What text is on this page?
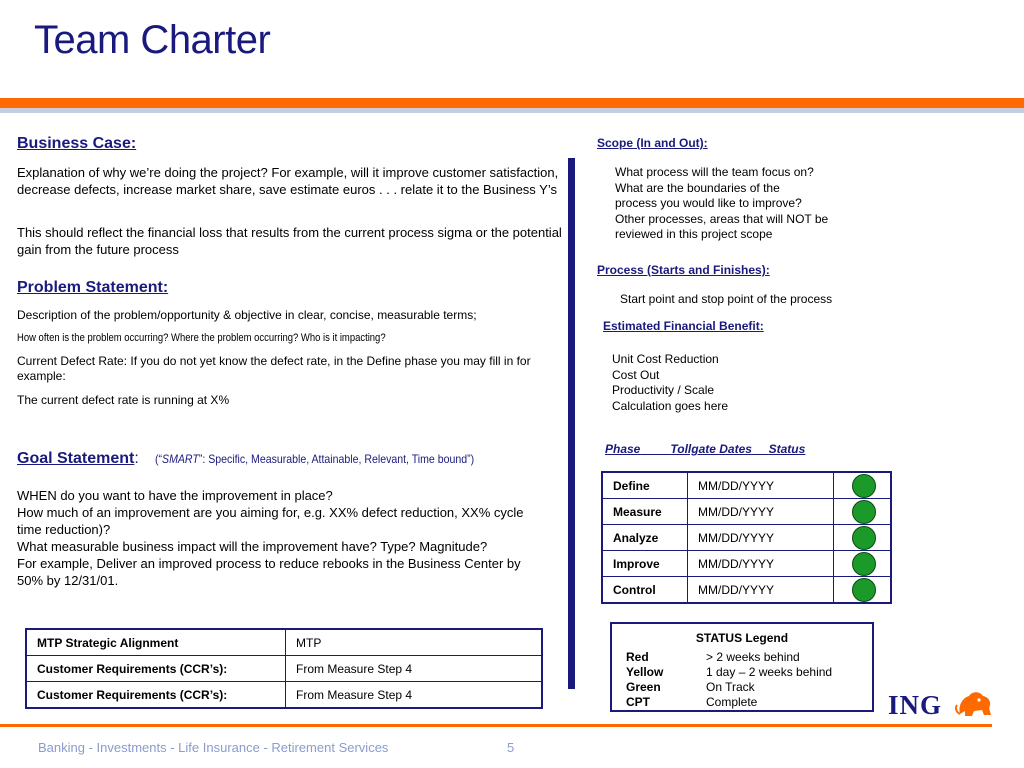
Team Charter
Business Case:
Explanation of why we’re doing the project? For example, will it improve customer satisfaction, decrease defects, increase market share, save estimate euros . . . relate it to the Business Y’s
This should reflect the financial loss that results from the current process sigma or the potential gain from the future process
Problem Statement:
Description of the problem/opportunity & objective in clear, concise, measurable terms;
How often is the problem occurring? Where the problem occurring? Who is it impacting?
Current Defect Rate: If you do not yet know the defect rate, in the Define phase you may fill in for example:
The current defect rate is running at X%
Goal Statement: (“SMART”: Specific, Measurable, Attainable, Relevant, Time bound”)
WHEN do you want to have the improvement in place?
How much of an improvement are you aiming for, e.g. XX% defect reduction, XX% cycle time reduction)?
What measurable business impact will the improvement have? Type? Magnitude?
For example, Deliver an improved process to reduce rebooks in the Business Center by 50% by 12/31/01.
MTP Strategic Alignment	MTP
Customer Requirements (CCR’s):	From Measure Step 4
Customer Requirements (CCR’s):	From Measure Step 4
Scope (In and Out):
What process will the team focus on?
What are the boundaries of the
process you would like to improve?
Other processes, areas that will NOT be
reviewed in this project scope
Process (Starts and Finishes):
Start point and stop point of the process
Estimated Financial Benefit:
Unit Cost Reduction
Cost Out
Productivity / Scale
Calculation goes here
Phase	Tollgate Dates Status
Define	MM/DD/YYYY	

Measure	MM/DD/YYYY	

Analyze	MM/DD/YYYY	

Improve	MM/DD/YYYY	

Control	MM/DD/YYYY	
STATUS Legend
Red	> 2 weeks behind
Yellow	1 day – 2 weeks behind
Green	On Track
CPT	Complete	ING
Banking - Investments - Life Insurance - Retirement Services	5
